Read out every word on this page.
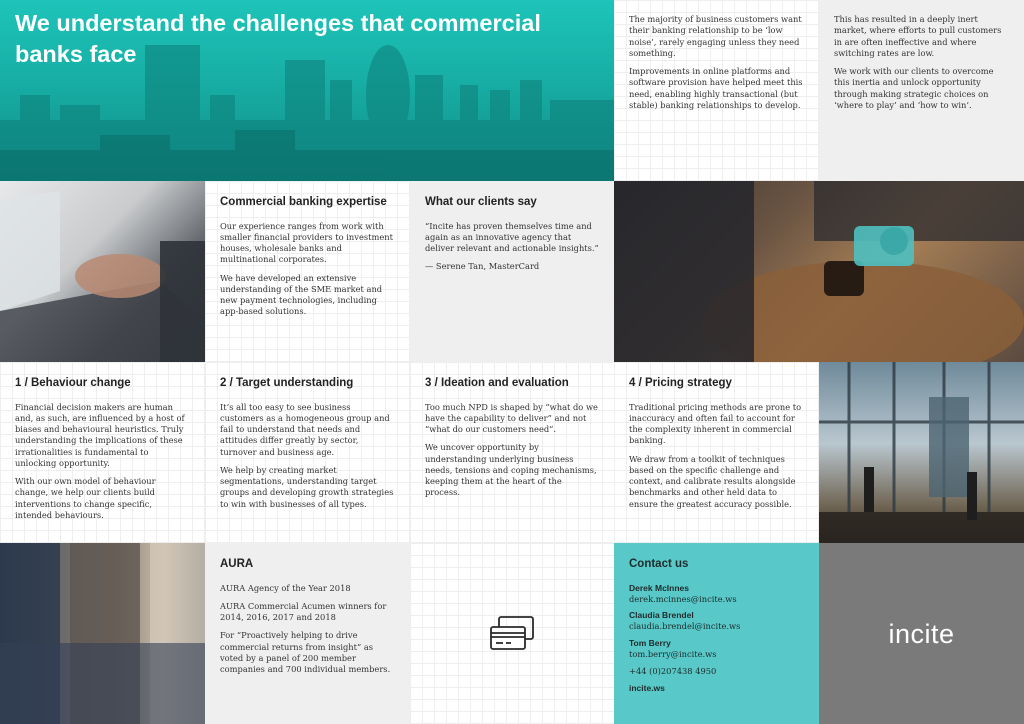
We understand the challenges that commercial banks face

The majority of business customers want their banking relationship to be ‘low noise’, rarely engaging unless they need something.

Improvements in online platforms and software provision have helped meet this need, enabling highly transactional (but stable) banking relationships to develop.

This has resulted in a deeply inert market, where efforts to pull customers in are often ineffective and where switching rates are low.

We work with our clients to overcome this inertia and unlock opportunity through making strategic choices on ‘where to play’ and ‘how to win’.

Commercial banking expertise

Our experience ranges from work with smaller financial providers to investment houses, wholesale banks and multinational corporates.

We have developed an extensive understanding of the SME market and new payment technologies, including app-based solutions.

What our clients say

“Incite has proven themselves time and again as an innovative agency that deliver relevant and actionable insights.”

— Serene Tan, MasterCard

1 / Behaviour change

Financial decision makers are human and, as such, are influenced by a host of biases and behavioural heuristics. Truly understanding the implications of these irrationalities is fundamental to unlocking opportunity.

With our own model of behaviour change, we help our clients build interventions to change specific, intended behaviours.

2 / Target understanding

It’s all too easy to see business customers as a homogeneous group and fail to understand that needs and attitudes differ greatly by sector, turnover and business age.

We help by creating market segmentations, understanding target groups and developing growth strategies to win with businesses of all types.

3 / Ideation and evaluation

Too much NPD is shaped by “what do we have the capability to deliver” and not “what do our customers need”.

We uncover opportunity by understanding underlying business needs, tensions and coping mechanisms, keeping them at the heart of the process.

4 / Pricing strategy

Traditional pricing methods are prone to inaccuracy and often fail to account for the complexity inherent in commercial banking.

We draw from a toolkit of techniques based on the specific challenge and context, and calibrate results alongside benchmarks and other held data to ensure the greatest accuracy possible.

AURA

AURA Agency of the Year 2018

AURA Commercial Acumen winners for 2014, 2016, 2017 and 2018

For “Proactively helping to drive commercial returns from insight” as voted by a panel of 200 member companies and 700 individual members.

Contact us
Derek McInnes
derek.mcinnes@incite.ws
Claudia Brendel
claudia.brendel@incite.ws
Tom Berry
tom.berry@incite.ws
+44 (0)207438 4950
incite.ws
incite
